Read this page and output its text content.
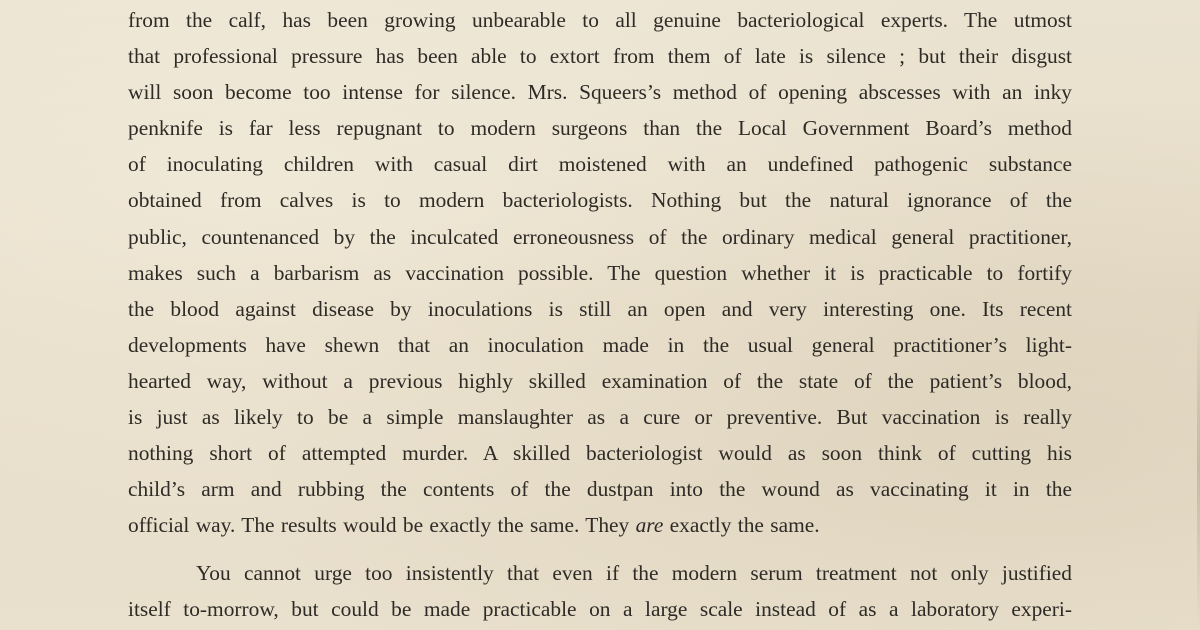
from the calf, has been growing unbearable to all genuine bacteriological experts. The utmost
that professional pressure has been able to extort from them of late is silence ; but their disgust
will soon become too intense for silence. Mrs. Squeers’s method of opening abscesses with an inky
penknife is far less repugnant to modern surgeons than the Local Government Board’s method
of inoculating children with casual dirt moistened with an undefined pathogenic substance
obtained from calves is to modern bacteriologists. Nothing but the natural ignorance of the
public, countenanced by the inculcated erroneousness of the ordinary medical general practitioner,
makes such a barbarism as vaccination possible. The question whether it is practicable to fortify
the blood against disease by inoculations is still an open and very interesting one. Its recent
developments have shewn that an inoculation made in the usual general practitioner’s light-
hearted way, without a previous highly skilled examination of the state of the patient’s blood,
is just as likely to be a simple manslaughter as a cure or preventive. But vaccination is really
nothing short of attempted murder. A skilled bacteriologist would as soon think of cutting his
child’s arm and rubbing the contents of the dustpan into the wound as vaccinating it in the
official way. The results would be exactly the same. They are exactly the same.
You cannot urge too insistently that even if the modern serum treatment not only justified
itself to-morrow, but could be made practicable on a large scale instead of as a laboratory experi-
